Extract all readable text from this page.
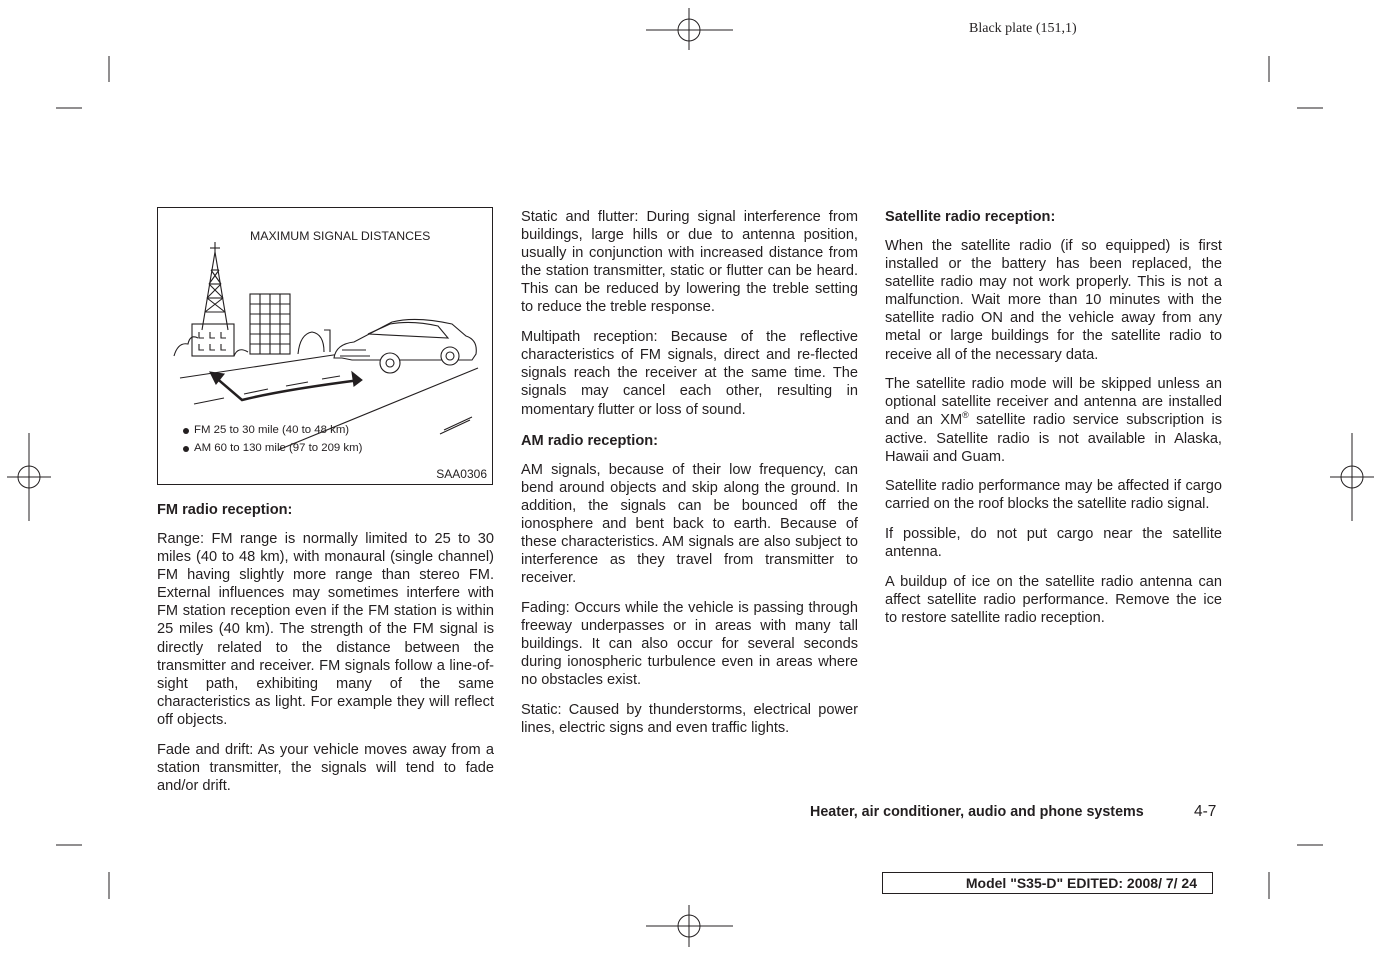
Black plate (151,1)
MAXIMUM SIGNAL DISTANCES
FM 25 to 30 mile (40 to 48 km)
AM 60 to 130 mile (97 to 209 km)
SAA0306
FM radio reception:

Range: FM range is normally limited to 25 to 30 miles (40 to 48 km), with monaural (single channel) FM having slightly more range than stereo FM. External influences may sometimes interfere with FM station reception even if the FM station is within 25 miles (40 km). The strength of the FM signal is directly related to the distance between the transmitter and receiver. FM signals follow a line-of-sight path, exhibiting many of the same characteristics as light. For example they will reflect off objects.

Fade and drift: As your vehicle moves away from a station transmitter, the signals will tend to fade and/or drift.

Static and flutter: During signal interference from buildings, large hills or due to antenna position, usually in conjunction with increased distance from the station transmitter, static or flutter can be heard. This can be reduced by lowering the treble setting to reduce the treble response.

Multipath reception: Because of the reflective characteristics of FM signals, direct and re-flected signals reach the receiver at the same time. The signals may cancel each other, resulting in momentary flutter or loss of sound.

AM radio reception:

AM signals, because of their low frequency, can bend around objects and skip along the ground. In addition, the signals can be bounced off the ionosphere and bent back to earth. Because of these characteristics. AM signals are also subject to interference as they travel from transmitter to receiver.

Fading: Occurs while the vehicle is passing through freeway underpasses or in areas with many tall buildings. It can also occur for several seconds during ionospheric turbulence even in areas where no obstacles exist.

Static: Caused by thunderstorms, electrical power lines, electric signs and even traffic lights.

Satellite radio reception:

When the satellite radio (if so equipped) is first installed or the battery has been replaced, the satellite radio may not work properly. This is not a malfunction. Wait more than 10 minutes with the satellite radio ON and the vehicle away from any metal or large buildings for the satellite radio to receive all of the necessary data.

The satellite radio mode will be skipped unless an optional satellite receiver and antenna are installed and an XM® satellite radio service subscription is active. Satellite radio is not available in Alaska, Hawaii and Guam.

Satellite radio performance may be affected if cargo carried on the roof blocks the satellite radio signal.

If possible, do not put cargo near the satellite antenna.

A buildup of ice on the satellite radio antenna can affect satellite radio performance. Remove the ice to restore satellite radio reception.

Heater, air conditioner, audio and phone systems	4-7
Model "S35-D" EDITED: 2008/ 7/ 24
